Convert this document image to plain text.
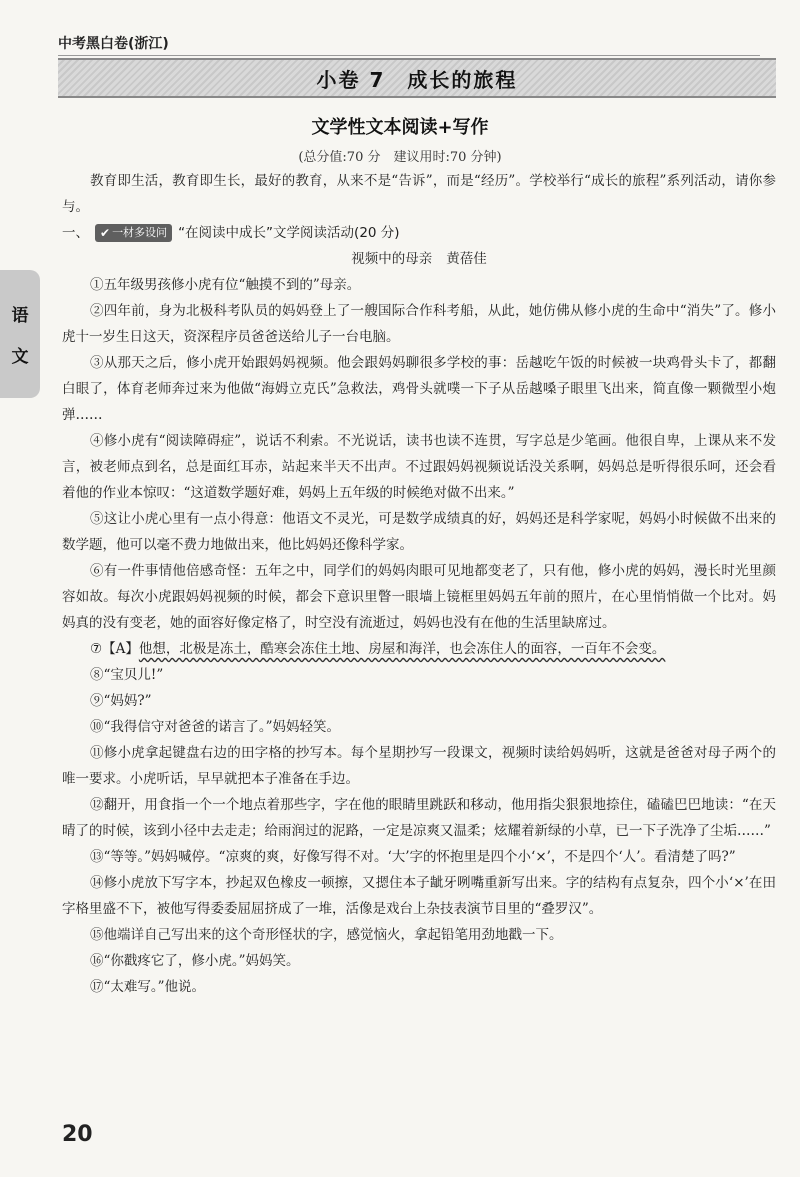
中考黑白卷(浙江)
小卷 7　成长的旅程
语
文
文学性文本阅读+写作
(总分值:70 分　建议用时:70 分钟)

教育即生活，教育即生长，最好的教育，从来不是“告诉”，而是“经历”。学校举行“成长的旅程”系列活动，请你参与。

一、 ✔ 一材多设问 “在阅读中成长”文学阅读活动(20 分)
视频中的母亲 黄蓓佳

①五年级男孩修小虎有位“触摸不到的”母亲。

②四年前，身为北极科考队员的妈妈登上了一艘国际合作科考船，从此，她仿佛从修小虎的生命中“消失”了。修小虎十一岁生日这天，资深程序员爸爸送给儿子一台电脑。

③从那天之后，修小虎开始跟妈妈视频。他会跟妈妈聊很多学校的事：岳越吃午饭的时候被一块鸡骨头卡了，都翻白眼了，体育老师奔过来为他做“海姆立克氏”急救法，鸡骨头就噗一下子从岳越嗓子眼里飞出来，简直像一颗微型小炮弹……

④修小虎有“阅读障碍症”，说话不利索。不光说话，读书也读不连贯，写字总是少笔画。他很自卑，上课从来不发言，被老师点到名，总是面红耳赤，站起来半天不出声。不过跟妈妈视频说话没关系啊，妈妈总是听得很乐呵，还会看着他的作业本惊叹：“这道数学题好难，妈妈上五年级的时候绝对做不出来。”

⑤这让小虎心里有一点小得意：他语文不灵光，可是数学成绩真的好，妈妈还是科学家呢，妈妈小时候做不出来的数学题，他可以毫不费力地做出来，他比妈妈还像科学家。

⑥有一件事情他倍感奇怪：五年之中，同学们的妈妈肉眼可见地都变老了，只有他，修小虎的妈妈，漫长时光里颜容如故。每次小虎跟妈妈视频的时候，都会下意识里瞥一眼墙上镜框里妈妈五年前的照片，在心里悄悄做一个比对。妈妈真的没有变老，她的面容好像定格了，时空没有流逝过，妈妈也没有在他的生活里缺席过。

⑦【A】他想，北极是冻土，酷寒会冻住土地、房屋和海洋，也会冻住人的面容，一百年不会变。

⑧“宝贝儿!”

⑨“妈妈?”

⑩“我得信守对爸爸的诺言了。”妈妈轻笑。

⑪修小虎拿起键盘右边的田字格的抄写本。每个星期抄写一段课文，视频时读给妈妈听，这就是爸爸对母子两个的唯一要求。小虎听话，早早就把本子准备在手边。

⑫翻开，用食指一个一个地点着那些字，字在他的眼睛里跳跃和移动，他用指尖狠狠地捺住，磕磕巴巴地读：“在天晴了的时候，该到小径中去走走；给雨润过的泥路，一定是凉爽又温柔；炫耀着新绿的小草，已一下子洗净了尘垢……”

⑬“等等。”妈妈喊停。“凉爽的爽，好像写得不对。‘大’字的怀抱里是四个小‘×’，不是四个‘人’。看清楚了吗?”

⑭修小虎放下写字本，抄起双色橡皮一顿擦，又摁住本子龇牙咧嘴重新写出来。字的结构有点复杂，四个小‘×’在田字格里盛不下，被他写得委委屈屈挤成了一堆，活像是戏台上杂技表演节目里的“叠罗汉”。

⑮他端详自己写出来的这个奇形怪状的字，感觉恼火，拿起铅笔用劲地戳一下。

⑯“你戳疼它了，修小虎。”妈妈笑。

⑰“太难写。”他说。

20
